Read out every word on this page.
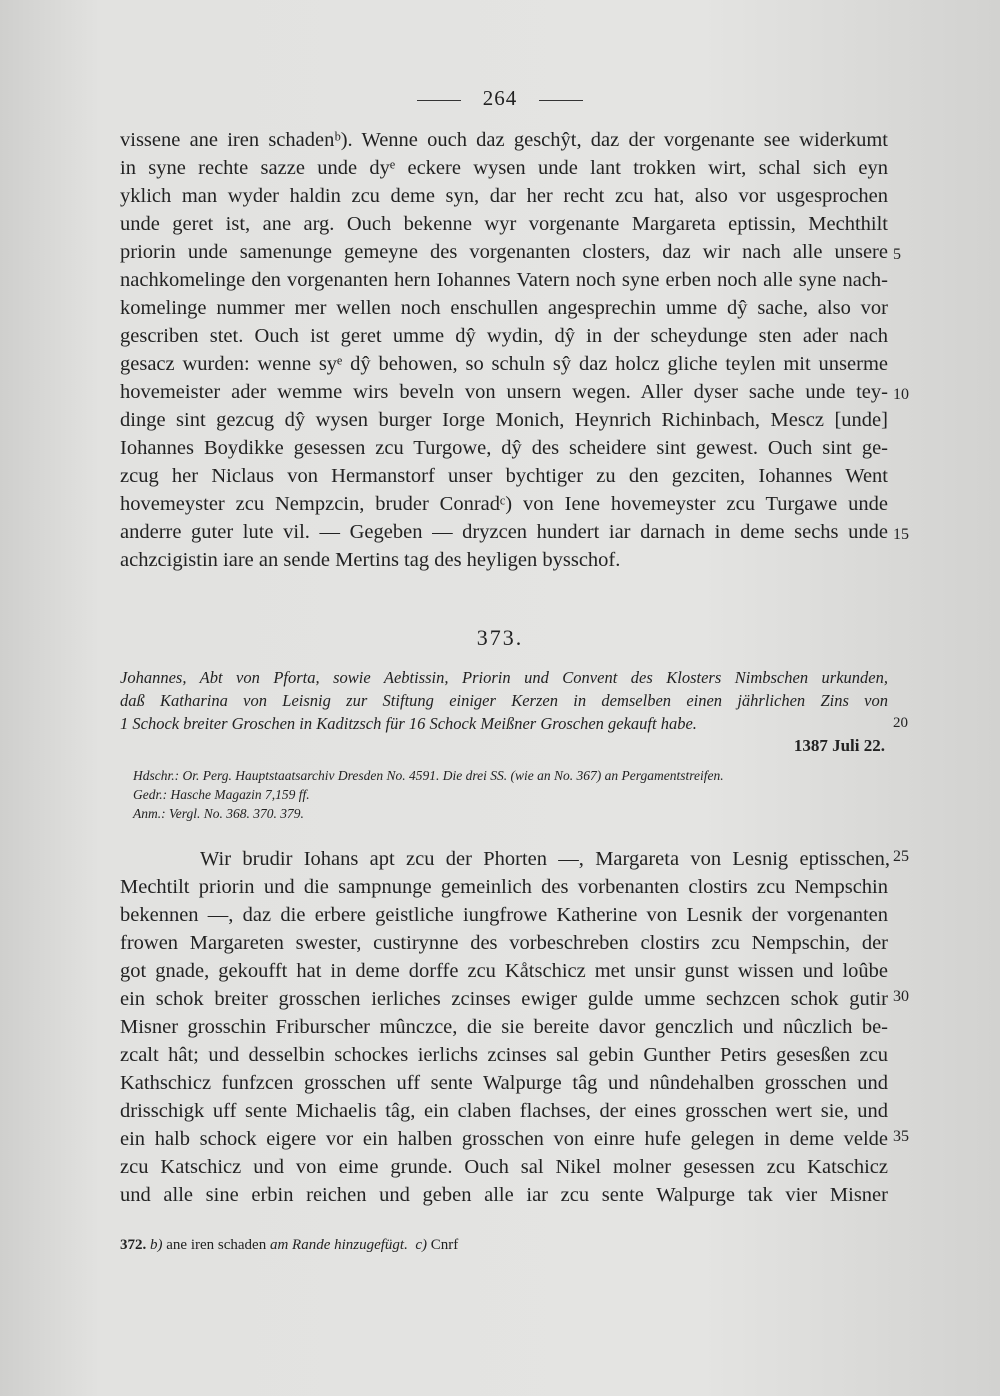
264
vissene ane iren schadenᵇ). Wenne ouch daz geschŷt, daz der vorgenante see widerkumt
in syne rechte sazze unde dyᵉ eckere wysen unde lant trokken wirt, schal sich eyn
yklich man wyder haldin zcu deme syn, dar her recht zcu hat, also vor usgesprochen
unde geret ist, ane arg. Ouch bekenne wyr vorgenante Margareta eptissin, Mechthilt
priorin unde samenunge gemeyne des vorgenanten closters, daz wir nach alle unsere
nachkomelinge den vorgenanten hern Iohannes Vatern noch syne erben noch alle syne nach-
komelinge nummer mer wellen noch enschullen angesprechin umme dŷ sache, also vor
gescriben stet. Ouch ist geret umme dŷ wydin, dŷ in der scheydunge sten ader nach
gesacz wurden: wenne syᵉ dŷ behowen, so schuln sŷ daz holcz gliche teylen mit unserme
hovemeister ader wemme wirs beveln von unsern wegen. Aller dyser sache unde tey-
dinge sint gezcug dŷ wysen burger Iorge Monich, Heynrich Richinbach, Mescz [unde]
Iohannes Boydikke gesessen zcu Turgowe, dŷ des scheidere sint gewest. Ouch sint ge-
zcug her Niclaus von Hermanstorf unser bychtiger zu den gezciten, Iohannes Went
hovemeyster zcu Nempzcin, bruder Conradᶜ) von Iene hovemeyster zcu Turgawe unde
anderre guter lute vil. — Gegeben — dryzcen hundert iar darnach in deme sechs unde
achzcigistin iare an sende Mertins tag des heyligen bysschof.
5
10
15
373.
Johannes, Abt von Pforta, sowie Aebtissin, Priorin und Convent des Klosters Nimbschen urkunden,
daß Katharina von Leisnig zur Stiftung einiger Kerzen in demselben einen jährlichen Zins von
1 Schock breiter Groschen in Kaditzsch für 16 Schock Meißner Groschen gekauft habe.	20
1387 Juli 22.
Hdschr.: Or. Perg. Hauptstaatsarchiv Dresden No. 4591. Die drei SS. (wie an No. 367) an Pergamentstreifen.
Gedr.: Hasche Magazin 7,159 ff.
Anm.: Vergl. No. 368. 370. 379.
Wir brudir Iohans apt zcu der Phorten —, Margareta von Lesnig eptisschen,
Mechtilt priorin und die sampnunge gemeinlich des vorbenanten clostirs zcu Nempschin
bekennen —, daz die erbere geistliche iungfrowe Katherine von Lesnik der vorgenanten
frowen Margareten swester, custirynne des vorbeschreben clostirs zcu Nempschin, der
got gnade, gekoufft hat in deme dorffe zcu Kåtschicz met unsir gunst wissen und loûbe
ein schok breiter grosschen ierliches zcinses ewiger gulde umme sechzcen schok gutir
Misner grosschin Friburscher mûnczce, die sie bereite davor genczlich und nûczlich be-
zcalt hât; und desselbin schockes ierlichs zcinses sal gebin Gunther Petirs gesesßen zcu
Kathschicz funfzcen grosschen uff sente Walpurge tâg und nûndehalben grosschen und
drisschigk uff sente Michaelis tâg, ein claben flachses, der eines grosschen wert sie, und
ein halb schock eigere vor ein halben grosschen von einre hufe gelegen in deme velde
zcu Katschicz und von eime grunde. Ouch sal Nikel molner gesessen zcu Katschicz
und alle sine erbin reichen und geben alle iar zcu sente Walpurge tak vier Misner
25
30
35
372. b) ane iren schaden am Rande hinzugefügt. c) Cnrf
